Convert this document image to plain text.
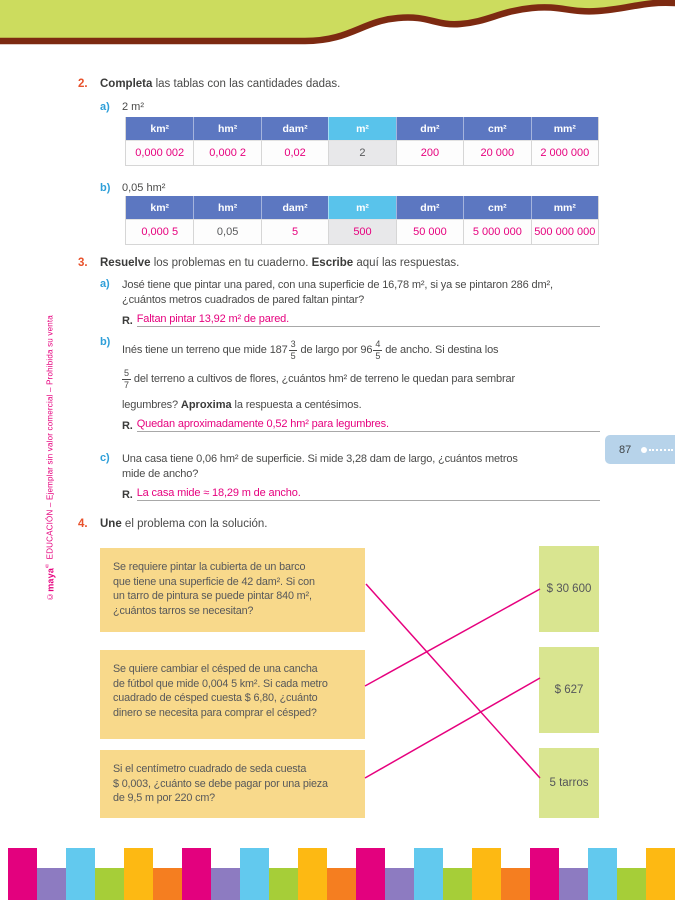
©maya® EDUCACIÓN – Ejemplar sin valor comercial – Prohibida su venta
2. Completa las tablas con las cantidades dadas.
a)	2 m²
km²	hm²	dam²	m²	dm²	cm²	mm²
0,000 002	0,000 2	0,02	2	200	20 000	2 000 000
b)	0,05 hm²
km²	hm²	dam²	m²	dm²	cm²	mm²
0,000 5	0,05	5	500	50 000	5 000 000	500 000 000
3. Resuelve los problemas en tu cuaderno. Escribe aquí las respuestas.
a)	José tiene que pintar una pared, con una superficie de 16,78 m², si ya se pintaron 286 dm²,
¿cuántos metros cuadrados de pared faltan pintar?
R. Faltan pintar 13,92 m² de pared.
b)
Inés tiene un terreno que mide $187 \frac{3}{5}$ de largo por $96 \frac{4}{5}$ de ancho. Si destina los
$\frac{5}{7}$ del terreno a cultivos de flores, ¿cuántos hm² de terreno le quedan para sembrar
legumbres? Aproxima la respuesta a centésimos.
R. Quedan aproximadamente 0,52 hm² para legumbres.
c)	Una casa tiene 0,06 hm² de superficie. Si mide 3,28 dam de largo, ¿cuántos metros
mide de ancho?
R. La casa mide ≈ 18,29 m de ancho.
87
4. Une el problema con la solución.
Se requiere pintar la cubierta de un barco
que tiene una superficie de 42 dam². Si con
un tarro de pintura se puede pintar 840 m²,
¿cuántos tarros se necesitan?
Se quiere cambiar el césped de una cancha
de fútbol que mide 0,004 5 km². Si cada metro
cuadrado de césped cuesta $ 6,80, ¿cuánto
dinero se necesita para comprar el césped?
Si el centímetro cuadrado de seda cuesta
$ 0,003, ¿cuánto se debe pagar por una pieza
de 9,5 m por 220 cm?
$ 30 600
$ 627
5 tarros
